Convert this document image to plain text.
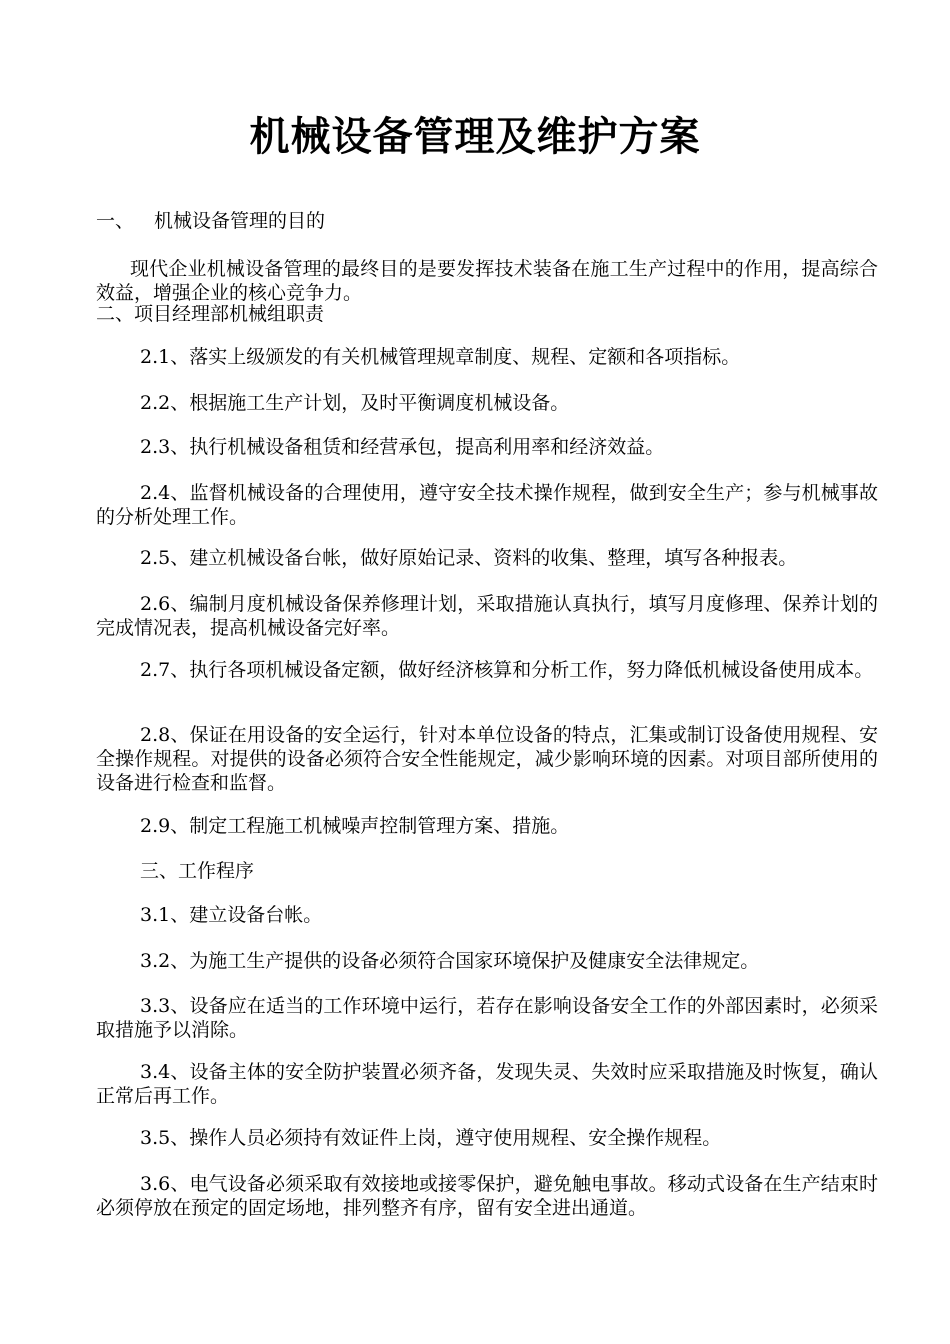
机械设备管理及维护方案
一、 机械设备管理的目的
现代企业机械设备管理的最终目的是要发挥技术装备在施工生产过程中的作用，提高综合效益，增强企业的核心竞争力。
二、项目经理部机械组职责
2.1、落实上级颁发的有关机械管理规章制度、规程、定额和各项指标。
2.2、根据施工生产计划，及时平衡调度机械设备。
2.3、执行机械设备租赁和经营承包，提高利用率和经济效益。
2.4、监督机械设备的合理使用，遵守安全技术操作规程，做到安全生产；参与机械事故的分析处理工作。
2.5、建立机械设备台帐，做好原始记录、资料的收集、整理，填写各种报表。
2.6、编制月度机械设备保养修理计划，采取措施认真执行，填写月度修理、保养计划的完成情况表，提高机械设备完好率。
2.7、执行各项机械设备定额，做好经济核算和分析工作，努力降低机械设备使用成本。
2.8、保证在用设备的安全运行，针对本单位设备的特点，汇集或制订设备使用规程、安全操作规程。对提供的设备必须符合安全性能规定，减少影响环境的因素。对项目部所使用的设备进行检查和监督。
2.9、制定工程施工机械噪声控制管理方案、措施。
三、工作程序
3.1、建立设备台帐。
3.2、为施工生产提供的设备必须符合国家环境保护及健康安全法律规定。
3.3、设备应在适当的工作环境中运行，若存在影响设备安全工作的外部因素时，必须采取措施予以消除。
3.4、设备主体的安全防护装置必须齐备，发现失灵、失效时应采取措施及时恢复，确认正常后再工作。
3.5、操作人员必须持有效证件上岗，遵守使用规程、安全操作规程。
3.6、电气设备必须采取有效接地或接零保护，避免触电事故。移动式设备在生产结束时必须停放在预定的固定场地，排列整齐有序，留有安全进出通道。
